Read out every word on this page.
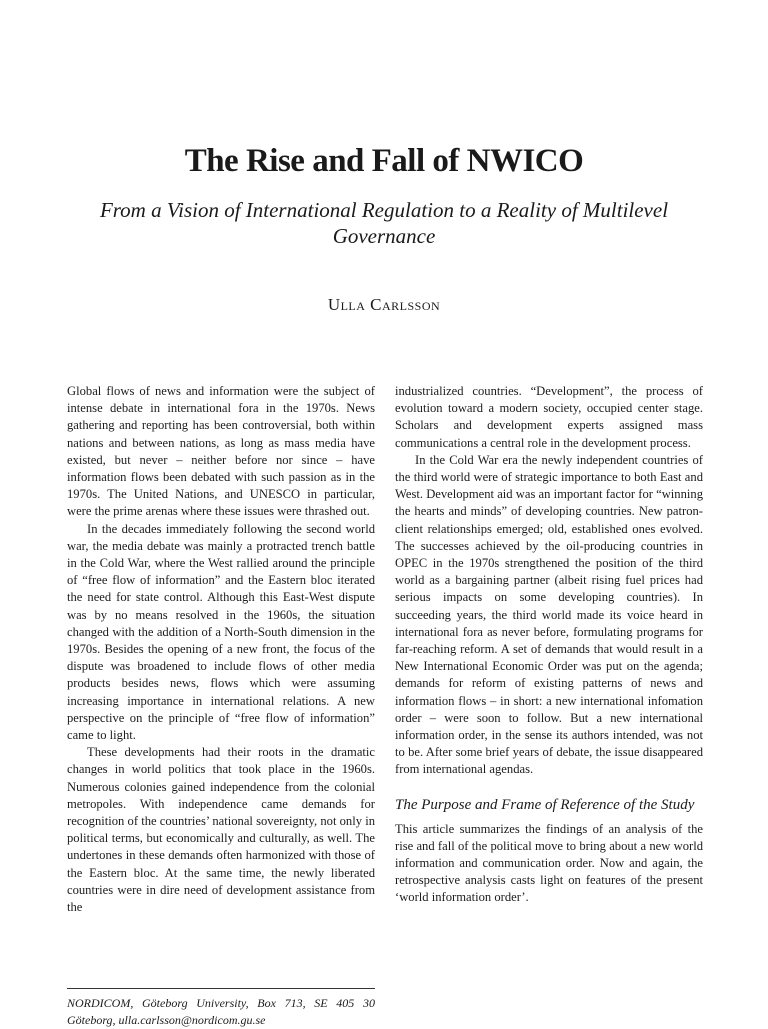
The Rise and Fall of NWICO
From a Vision of International Regulation to a Reality of Multilevel Governance
Ulla Carlsson

Global flows of news and information were the subject of intense debate in international fora in the 1970s. News gathering and reporting has been controversial, both within nations and between nations, as long as mass media have existed, but never – neither before nor since – have information flows been debated with such passion as in the 1970s. The United Nations, and UNESCO in particular, were the prime arenas where these issues were thrashed out.

In the decades immediately following the second world war, the media debate was mainly a protracted trench battle in the Cold War, where the West rallied around the principle of “free flow of information” and the Eastern bloc iterated the need for state control. Although this East-West dispute was by no means resolved in the 1960s, the situation changed with the addition of a North-South dimension in the 1970s. Besides the opening of a new front, the focus of the dispute was broadened to include flows of other media products besides news, flows which were assuming increasing importance in international relations. A new perspective on the principle of “free flow of information” came to light.

These developments had their roots in the dramatic changes in world politics that took place in the 1960s. Numerous colonies gained independence from the colonial metropoles. With independence came demands for recognition of the countries’ national sovereignty, not only in political terms, but economically and culturally, as well. The undertones in these demands often harmonized with those of the Eastern bloc. At the same time, the newly liberated countries were in dire need of development assistance from the

industrialized countries. “Development”, the process of evolution toward a modern society, occupied center stage. Scholars and development experts assigned mass communications a central role in the development process.

In the Cold War era the newly independent countries of the third world were of strategic importance to both East and West. Development aid was an important factor for “winning the hearts and minds” of developing countries. New patron-client relationships emerged; old, established ones evolved. The successes achieved by the oil-producing countries in OPEC in the 1970s strengthened the position of the third world as a bargaining partner (albeit rising fuel prices had serious impacts on some developing countries). In succeeding years, the third world made its voice heard in international fora as never before, formulating programs for far-reaching reform. A set of demands that would result in a New International Economic Order was put on the agenda; demands for reform of existing patterns of news and information flows – in short: a new international infomation order – were soon to follow. But a new international information order, in the sense its authors intended, was not to be. After some brief years of debate, the issue disappeared from international agendas.

The Purpose and Frame of Reference of the Study

This article summarizes the findings of an analysis of the rise and fall of the political move to bring about a new world information and communication order. Now and again, the retrospective analysis casts light on features of the present ‘world information order’.

NORDICOM, Göteborg University, Box 713, SE 405 30 Göteborg, ulla.carlsson@nordicom.gu.se
